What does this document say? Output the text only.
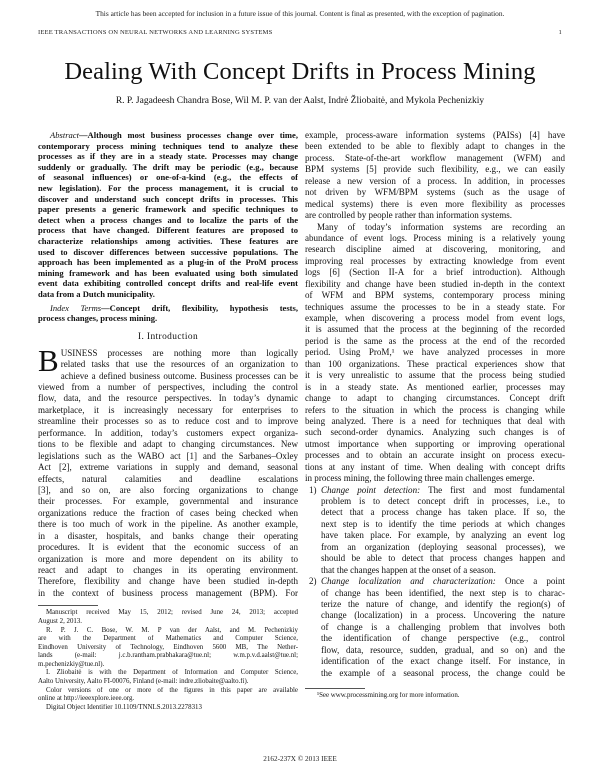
This article has been accepted for inclusion in a future issue of this journal. Content is final as presented, with the exception of pagination.
IEEE TRANSACTIONS ON NEURAL NETWORKS AND LEARNING SYSTEMS	1
Dealing With Concept Drifts in Process Mining
R. P. Jagadeesh Chandra Bose, Wil M. P. van der Aalst, Indrė Žliobaitė, and Mykola Pechenizkiy
Abstract—Although most business processes change over time,
contemporary process mining techniques tend to analyze these
processes as if they are in a steady state. Processes may change
suddenly or gradually. The drift may be periodic (e.g., because
of seasonal influences) or one-of-a-kind (e.g., the effects of
new legislation). For the process management, it is crucial to
discover and understand such concept drifts in processes. This
paper presents a generic framework and specific techniques to
detect when a process changes and to localize the parts of the
process that have changed. Different features are proposed to
characterize relationships among activities. These features are
used to discover differences between successive populations. The
approach has been implemented as a plug-in of the ProM process
mining framework and has been evaluated using both simulated
event data exhibiting controlled concept drifts and real-life event
data from a Dutch municipality.
Index Terms—Concept drift, flexibility, hypothesis tests,
process changes, process mining.
I. Introduction
B USINESS processes are nothing more than logically
related tasks that use the resources of an organization to
achieve a defined business outcome. Business processes can be
viewed from a number of perspectives, including the control
flow, data, and the resource perspectives. In today’s dynamic
marketplace, it is increasingly necessary for enterprises to
streamline their processes so as to reduce cost and to improve
performance. In addition, today’s customers expect organiza-
tions to be flexible and adapt to changing circumstances. New
legislations such as the WABO act [1] and the Sarbanes–Oxley
Act [2], extreme variations in supply and demand, seasonal
effects, natural calamities and deadline escalations
[3], and so on, are also forcing organizations to change
their processes. For example, governmental and insurance
organizations reduce the fraction of cases being checked when
there is too much of work in the pipeline. As another example,
in a disaster, hospitals, and banks change their operating
procedures. It is evident that the economic success of an
organization is more and more dependent on its ability to
react and adapt to changes in its operating environment.
Therefore, flexibility and change have been studied in-depth
in the context of business process management (BPM). For
Manuscript received May 15, 2012; revised June 24, 2013; accepted
August 2, 2013.
R. P. J. C. Bose, W. M. P van der Aalst, and M. Pechenizkiy
are with the Department of Mathematics and Computer Science,
Eindhoven University of Technology, Eindhoven 5600 MB, The Nether-
lands (e-mail: j.c.b.rantham.prabhakara@tue.nl; w.m.p.v.d.aalst@tue.nl;
m.pechenizkiy@tue.nl).
I. Žliobaitė is with the Department of Information and Computer Science,
Aalto University, Aalto FI-00076, Finland (e-mail: indre.zliobaite@aalto.fi).
Color versions of one or more of the figures in this paper are available
online at http://ieeexplore.ieee.org.
Digital Object Identifier 10.1109/TNNLS.2013.2278313
example, process-aware information systems (PAISs) [4] have
been extended to be able to flexibly adapt to changes in the
process. State-of-the-art workflow management (WFM) and
BPM systems [5] provide such flexibility, e.g., we can easily
release a new version of a process. In addition, in processes
not driven by WFM/BPM systems (such as the usage of
medical systems) there is even more flexibility as processes
are controlled by people rather than information systems.
Many of today’s information systems are recording an
abundance of event logs. Process mining is a relatively young
research discipline aimed at discovering, monitoring, and
improving real processes by extracting knowledge from event
logs [6] (Section II-A for a brief introduction). Although
flexibility and change have been studied in-depth in the context
of WFM and BPM systems, contemporary process mining
techniques assume the processes to be in a steady state. For
example, when discovering a process model from event logs,
it is assumed that the process at the beginning of the recorded
period is the same as the process at the end of the recorded
period. Using ProM,¹ we have analyzed processes in more
than 100 organizations. These practical experiences show that
it is very unrealistic to assume that the process being studied
is in a steady state. As mentioned earlier, processes may
change to adapt to changing circumstances. Concept drift
refers to the situation in which the process is changing while
being analyzed. There is a need for techniques that deal with
such second-order dynamics. Analyzing such changes is of
utmost importance when supporting or improving operational
processes and to obtain an accurate insight on process execu-
tions at any instant of time. When dealing with concept drifts
in process mining, the following three main challenges emerge.
1) Change point detection: The first and most fundamental
problem is to detect concept drift in processes, i.e., to
detect that a process change has taken place. If so, the
next step is to identify the time periods at which changes
have taken place. For example, by analyzing an event log
from an organization (deploying seasonal processes), we
should be able to detect that process changes happen and
that the changes happen at the onset of a season.
2) Change localization and characterization: Once a point
of change has been identified, the next step is to charac-
terize the nature of change, and identify the region(s) of
change (localization) in a process. Uncovering the nature
of change is a challenging problem that involves both
the identification of change perspective (e.g., control
flow, data, resource, sudden, gradual, and so on) and the
identification of the exact change itself. For instance, in
the example of a seasonal process, the change could be
¹See www.processmining.org for more information.
2162-237X © 2013 IEEE
